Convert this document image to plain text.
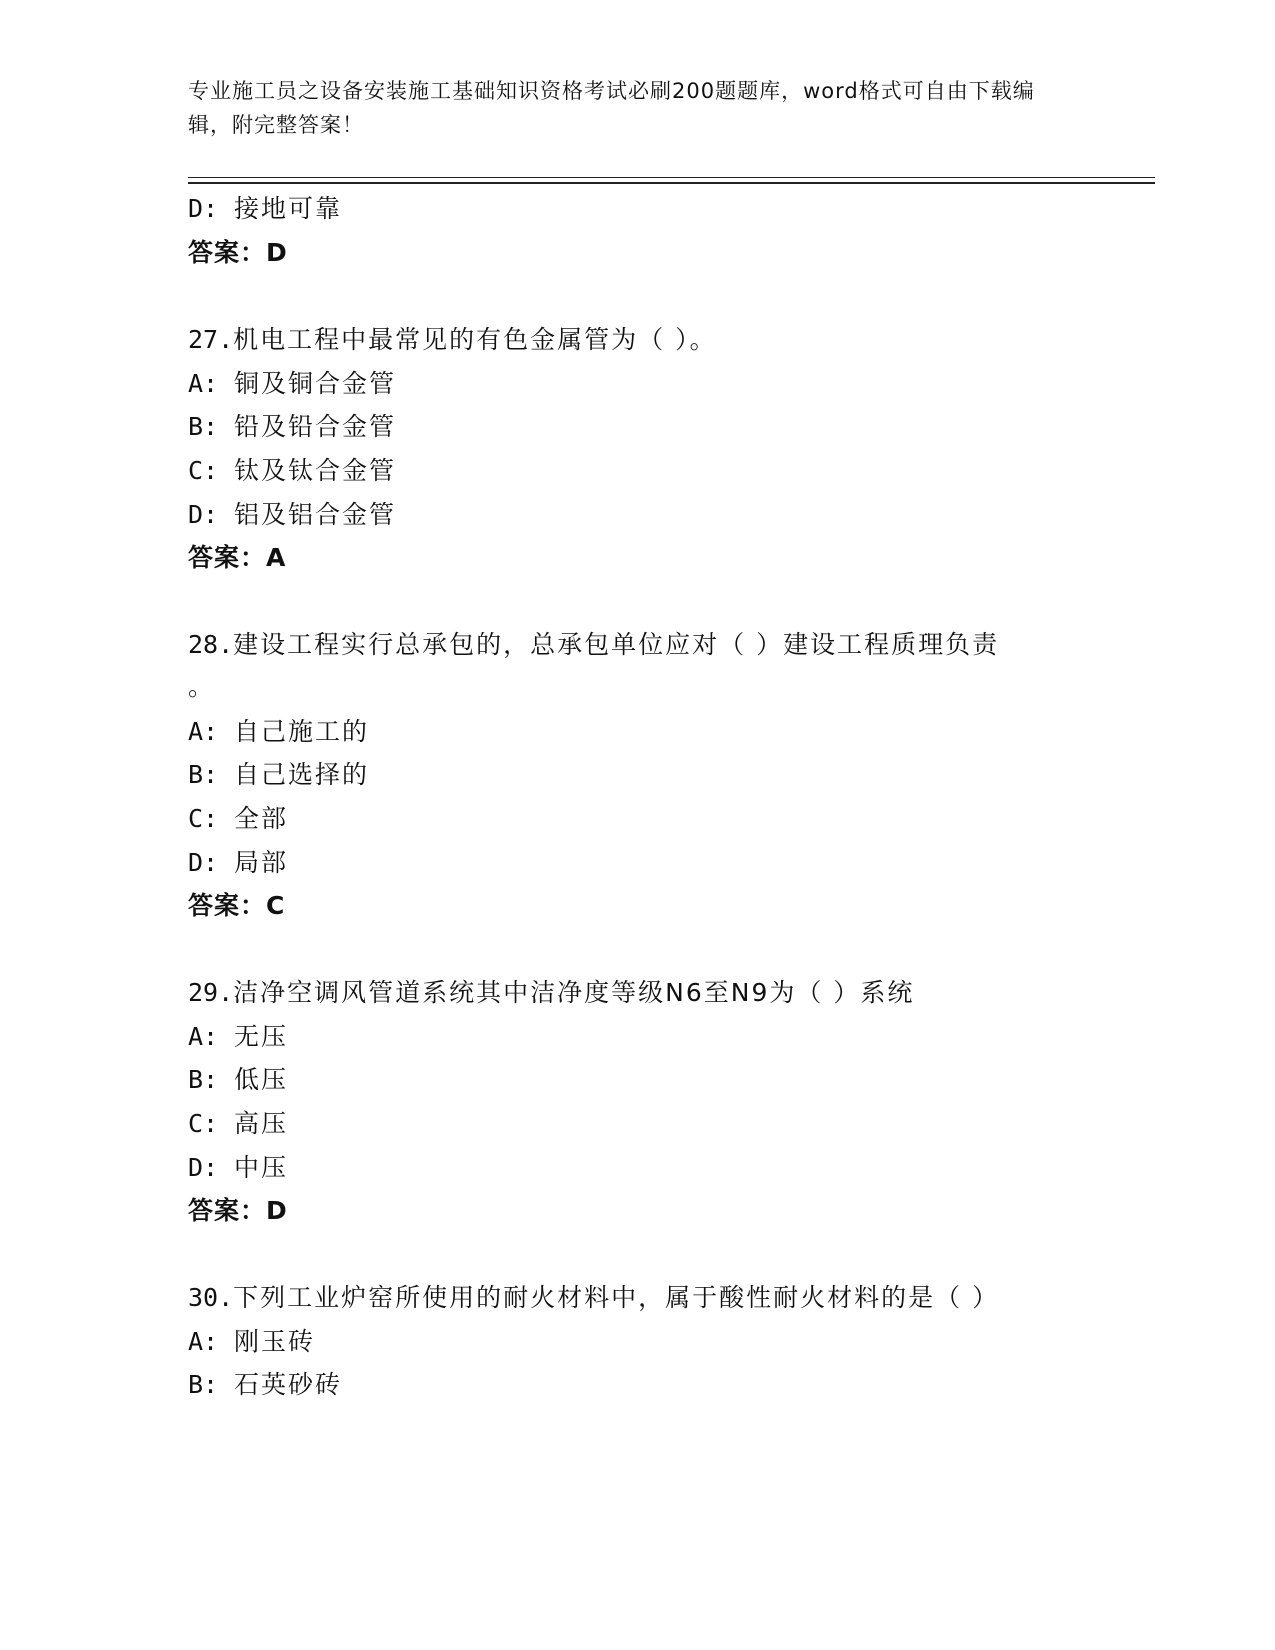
专业施工员之设备安装施工基础知识资格考试必刷200题题库，word格式可自由下载编辑，附完整答案！
D: 接地可靠
答案：D
27.机电工程中最常见的有色金属管为（ ）。
A: 铜及铜合金管
B: 铅及铅合金管
C: 钛及钛合金管
D: 铝及铝合金管
答案：A
28.建设工程实行总承包的，总承包单位应对（ ）建设工程质理负责
。
A: 自己施工的
B: 自己选择的
C: 全部
D: 局部
答案：C
29.洁净空调风管道系统其中洁净度等级N6至N9为（ ）系统
A: 无压
B: 低压
C: 高压
D: 中压
答案：D
30.下列工业炉窑所使用的耐火材料中，属于酸性耐火材料的是（ ）
A: 刚玉砖
B: 石英砂砖
